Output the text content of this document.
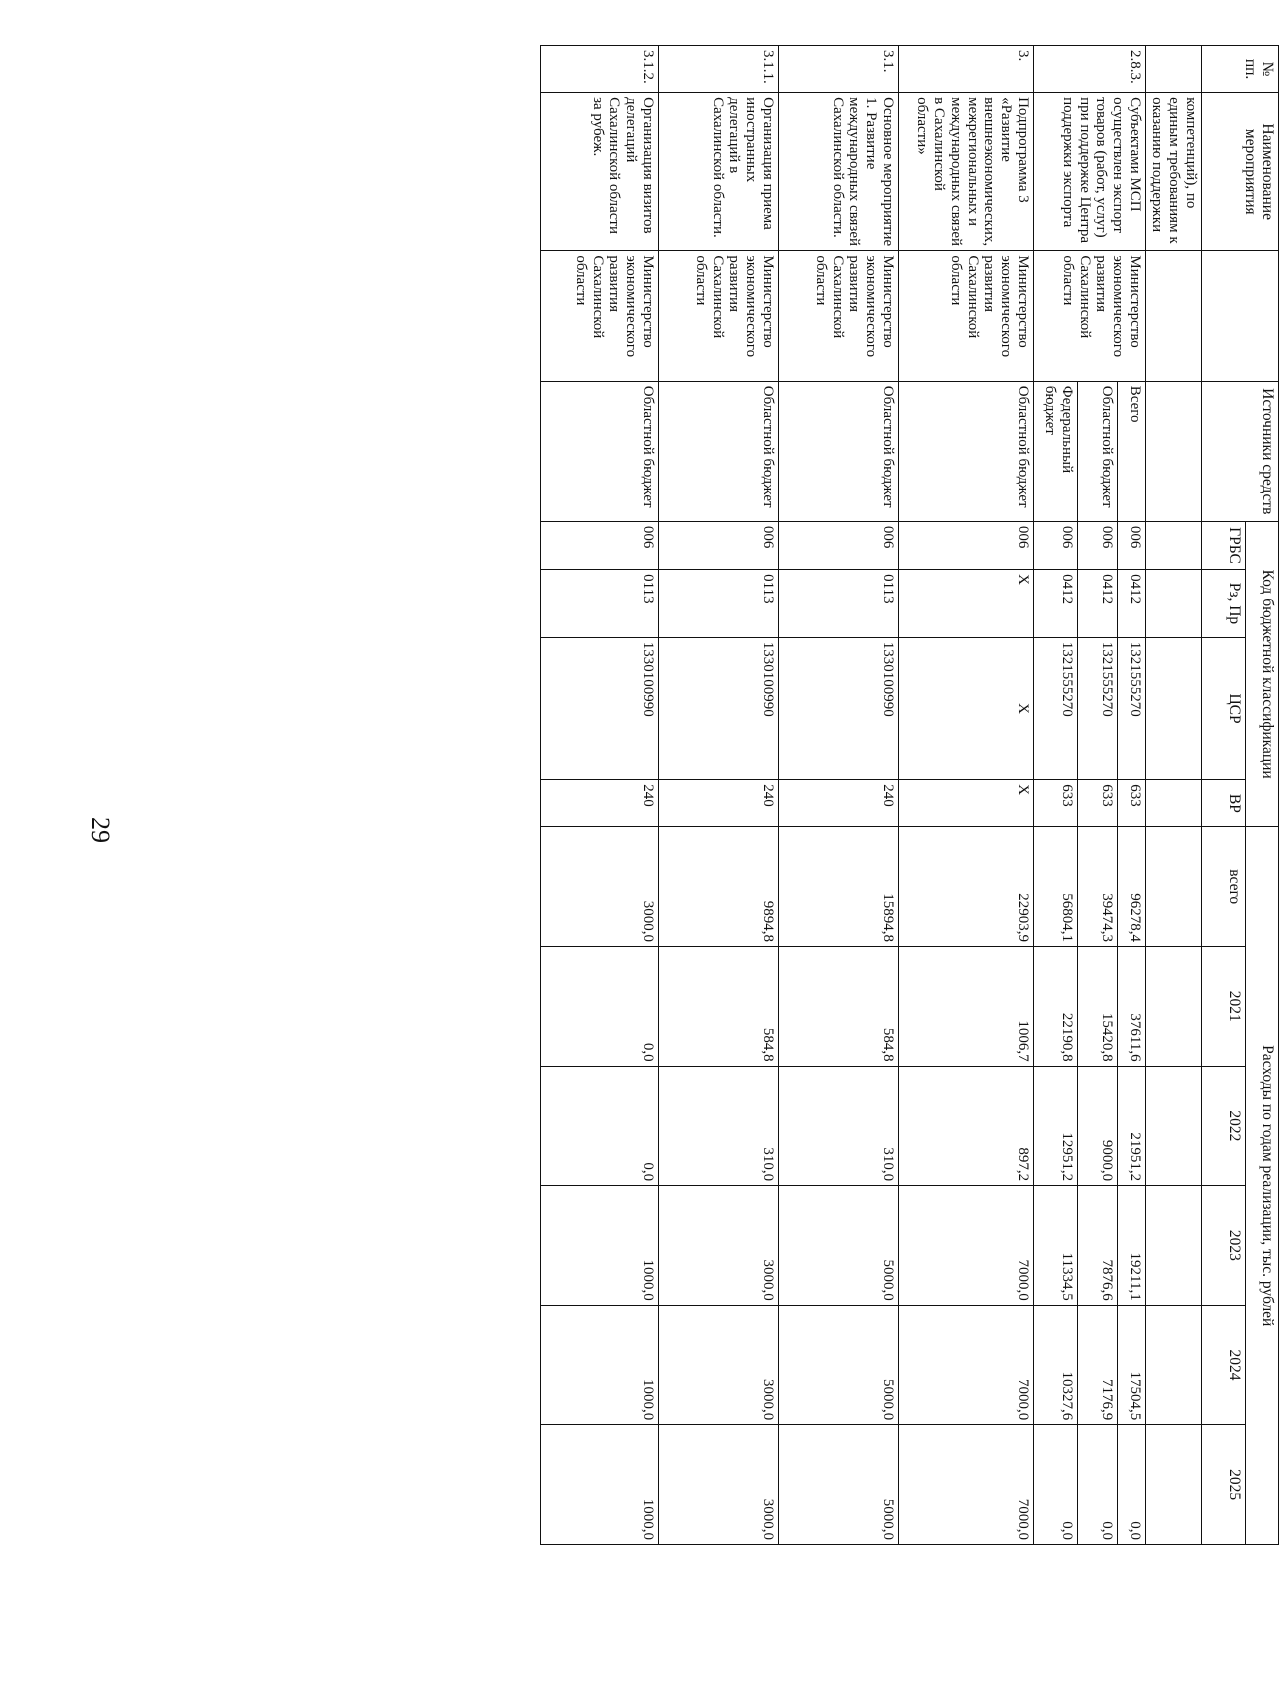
29
№ пп.	Наименование мероприятия		Источники средств	Код бюджетной классификации				Расходы по годам реализации, тыс. рублей					
				ГРБС	Рз, Пр	ЦСР	ВР	всего	2021	2022	2023	2024	2025
	компетенций), по единым требованиям к оказанию поддержки												
2.8.3.	Субъектами МСП осуществлен экспорт товаров (работ, услуг) при поддержке Центра поддержки экспорта	Министерство экономического развития Сахалинской области	Всего	006	0412	1321555270	633	96278,4	37611,6	21951,2	19211,1	17504,5	0,0
			Областной бюджет	006	0412	1321555270	633	39474,3	15420,8	9000,0	7876,6	7176,9	0,0
			Федеральный бюджет	006	0412	1321555270	633	56804,1	22190,8	12951,2	11334,5	10327,6	0,0
3.	Подпрограмма 3 «Развитие внешнеэкономических, межрегиональных и международных связей в Сахалинской области»	Министерство экономического развития Сахалинской области	Областной бюджет	006	Х	Х	Х	22903,9	1006,7	897,2	7000,0	7000,0	7000,0
3.1.	Основное мероприятие 1. Развитие международных связей Сахалинской области.	Министерство экономического развития Сахалинской области	Областной бюджет	006	0113	1330100990	240	15894,8	584,8	310,0	5000,0	5000,0	5000,0
3.1.1.	Организация приема иностранных делегаций в Сахалинской области.	Министерство экономического развития Сахалинской области	Областной бюджет	006	0113	1330100990	240	9894,8	584,8	310,0	3000,0	3000,0	3000,0
3.1.2.	Организация визитов делегаций Сахалинской области за рубеж.	Министерство экономического развития Сахалинской области	Областной бюджет	006	0113	1330100990	240	3000,0	0,0	0,0	1000,0	1000,0	1000,0
